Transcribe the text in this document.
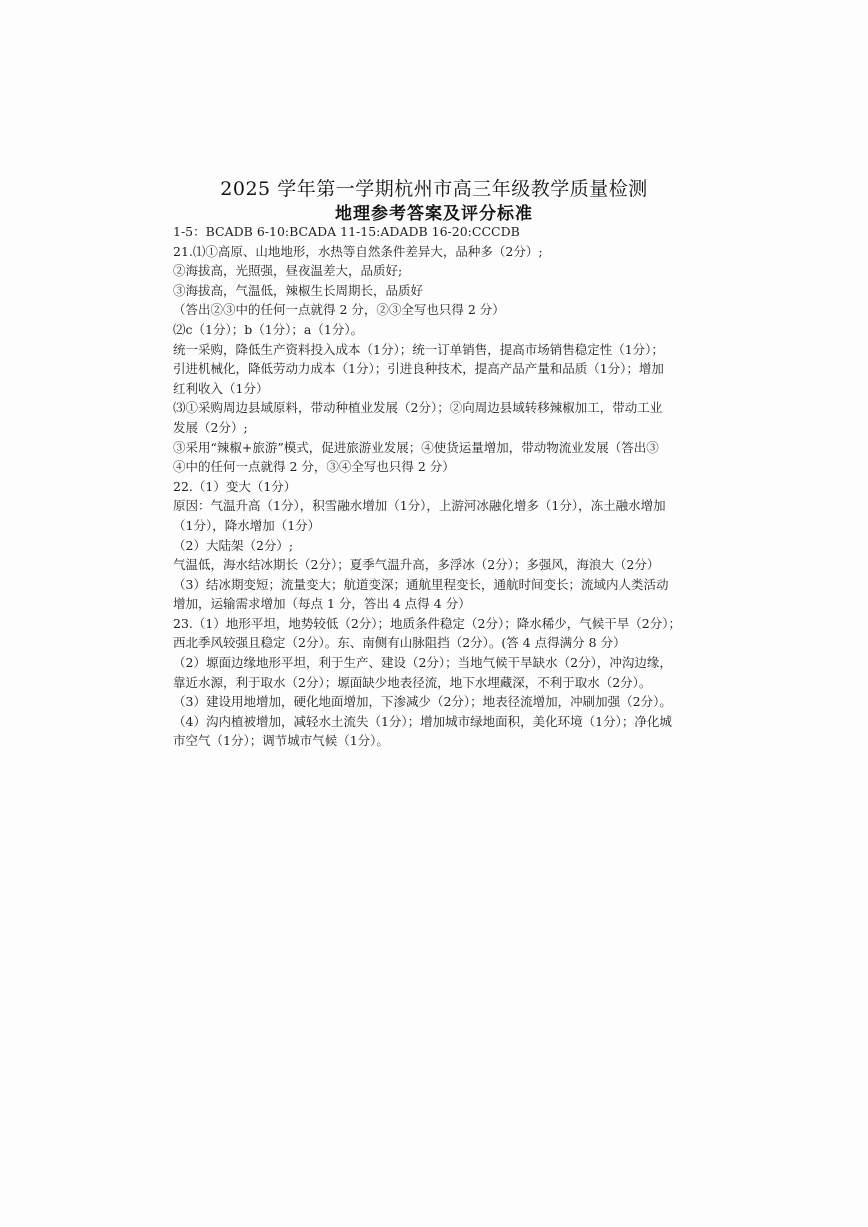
2025 学年第一学期杭州市高三年级教学质量检测
地理参考答案及评分标准
1-5：BCADB 6-10:BCADA 11-15:ADADB 16-20:CCCDB
21.⑴①高原、山地地形，水热等自然条件差异大，品种多（2分）;
②海拔高，光照强，昼夜温差大，品质好;
③海拔高，气温低，辣椒生长周期长，品质好
（答出②③中的任何一点就得 2 分，②③全写也只得 2 分）
⑵c（1分）；b（1分）；a（1分）。
统一采购，降低生产资料投入成本（1分）；统一订单销售，提高市场销售稳定性（1分）；
引进机械化，降低劳动力成本（1分）；引进良种技术，提高产品产量和品质（1分）；增加
红利收入（1分）
⑶①采购周边县域原料，带动种植业发展（2分）；②向周边县域转移辣椒加工，带动工业
发展（2分）;
③采用“辣椒+旅游”模式，促进旅游业发展；④使货运量增加，带动物流业发展（答出③
④中的任何一点就得 2 分，③④全写也只得 2 分）
22.（1）变大（1分）
原因：气温升高（1分），积雪融水增加（1分），上游河冰融化增多（1分），冻土融水增加
（1分），降水增加（1分）
（2）大陆架（2分）;
气温低，海水结冰期长（2分）；夏季气温升高，多浮冰（2分）；多强风，海浪大（2分）
（3）结冰期变短；流量变大；航道变深；通航里程变长，通航时间变长；流域内人类活动
增加，运输需求增加（每点 1 分，答出 4 点得 4 分）
23.（1）地形平坦，地势较低（2分）；地质条件稳定（2分）；降水稀少，气候干旱（2分）；
西北季风较强且稳定（2分）。东、南侧有山脉阻挡（2分）。(答 4 点得满分 8 分）
（2）塬面边缘地形平坦，利于生产、建设（2分）；当地气候干旱缺水（2分），冲沟边缘，
靠近水源，利于取水（2分）；塬面缺少地表径流，地下水埋藏深，不利于取水（2分）。
（3）建设用地增加，硬化地面增加，下渗减少（2分）；地表径流增加，冲刷加强（2分）。
（4）沟内植被增加，减轻水土流失（1分）；增加城市绿地面积，美化环境（1分）；净化城
市空气（1分）；调节城市气候（1分）。
